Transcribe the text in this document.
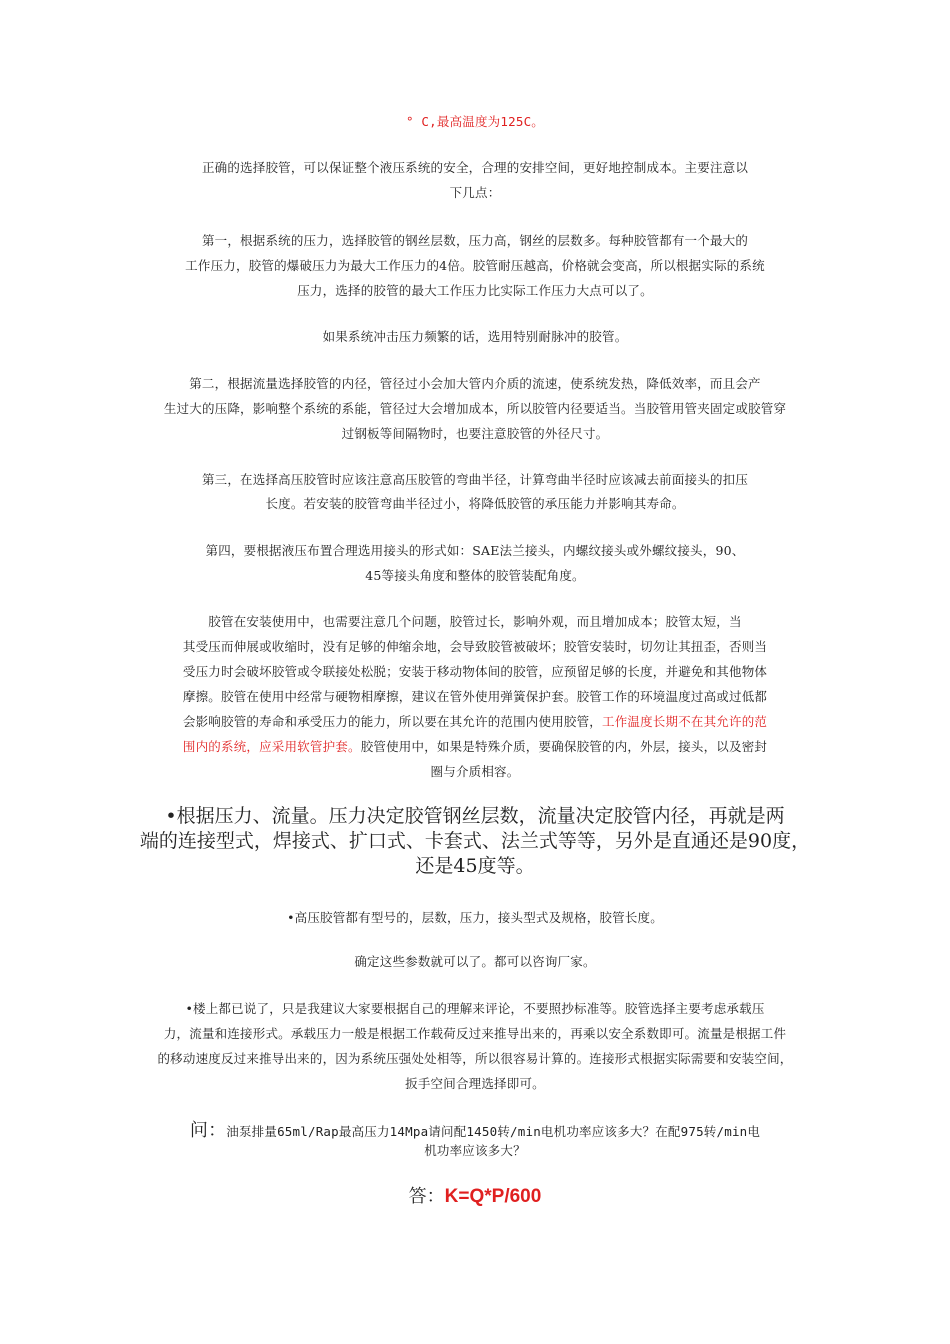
° C,最高温度为125C。
正确的选择胶管，可以保证整个液压系统的安全，合理的安排空间，更好地控制成本。主要注意以
下几点：
第一，根据系统的压力，选择胶管的钢丝层数，压力高，钢丝的层数多。每种胶管都有一个最大的
工作压力，胶管的爆破压力为最大工作压力的4倍。胶管耐压越高，价格就会变高，所以根据实际的系统
压力，选择的胶管的最大工作压力比实际工作压力大点可以了。
如果系统冲击压力频繁的话，选用特别耐脉冲的胶管。
第二，根据流量选择胶管的内径，管径过小会加大管内介质的流速，使系统发热，降低效率，而且会产
生过大的压降，影响整个系统的系能，管径过大会增加成本，所以胶管内径要适当。当胶管用管夹固定或胶管穿
过钢板等间隔物时，也要注意胶管的外径尺寸。
第三，在选择高压胶管时应该注意高压胶管的弯曲半径，计算弯曲半径时应该减去前面接头的扣压
长度。若安装的胶管弯曲半径过小，将降低胶管的承压能力并影响其寿命。
第四，要根据液压布置合理选用接头的形式如：SAE法兰接头，内螺纹接头或外螺纹接头，90、
45等接头角度和整体的胶管装配角度。
胶管在安装使用中，也需要注意几个问题，胶管过长，影响外观，而且增加成本；胶管太短，当
其受压而伸展或收缩时，没有足够的伸缩余地，会导致胶管被破坏；胶管安装时，切勿让其扭歪，否则当
受压力时会破坏胶管或令联接处松脱；安装于移动物体间的胶管，应预留足够的长度，并避免和其他物体
摩擦。胶管在使用中经常与硬物相摩擦，建议在管外使用弹簧保护套。胶管工作的环境温度过高或过低都
会影响胶管的寿命和承受压力的能力，所以要在其允许的范围内使用胶管，工作温度长期不在其允许的范
围内的系统，应采用软管护套。胶管使用中，如果是特殊介质，要确保胶管的内，外层，接头，以及密封
圈与介质相容。
•根据压力、流量。压力决定胶管钢丝层数，流量决定胶管内径，再就是两
端的连接型式，焊接式、扩口式、卡套式、法兰式等等，另外是直通还是90度，
还是45度等。
•高压胶管都有型号的，层数，压力，接头型式及规格，胶管长度。
确定这些参数就可以了。都可以咨询厂家。
•楼上都已说了，只是我建议大家要根据自己的理解来评论，不要照抄标准等。胶管选择主要考虑承载压
力，流量和连接形式。承载压力一般是根据工作载荷反过来推导出来的，再乘以安全系数即可。流量是根据工件
的移动速度反过来推导出来的，因为系统压强处处相等，所以很容易计算的。连接形式根据实际需要和安装空间，
扳手空间合理选择即可。
问：油泵排量65ml/Rap最高压力14Mpa请问配1450转/min电机功率应该多大？在配975转/min电
机功率应该多大？
答：K=Q*P/600
